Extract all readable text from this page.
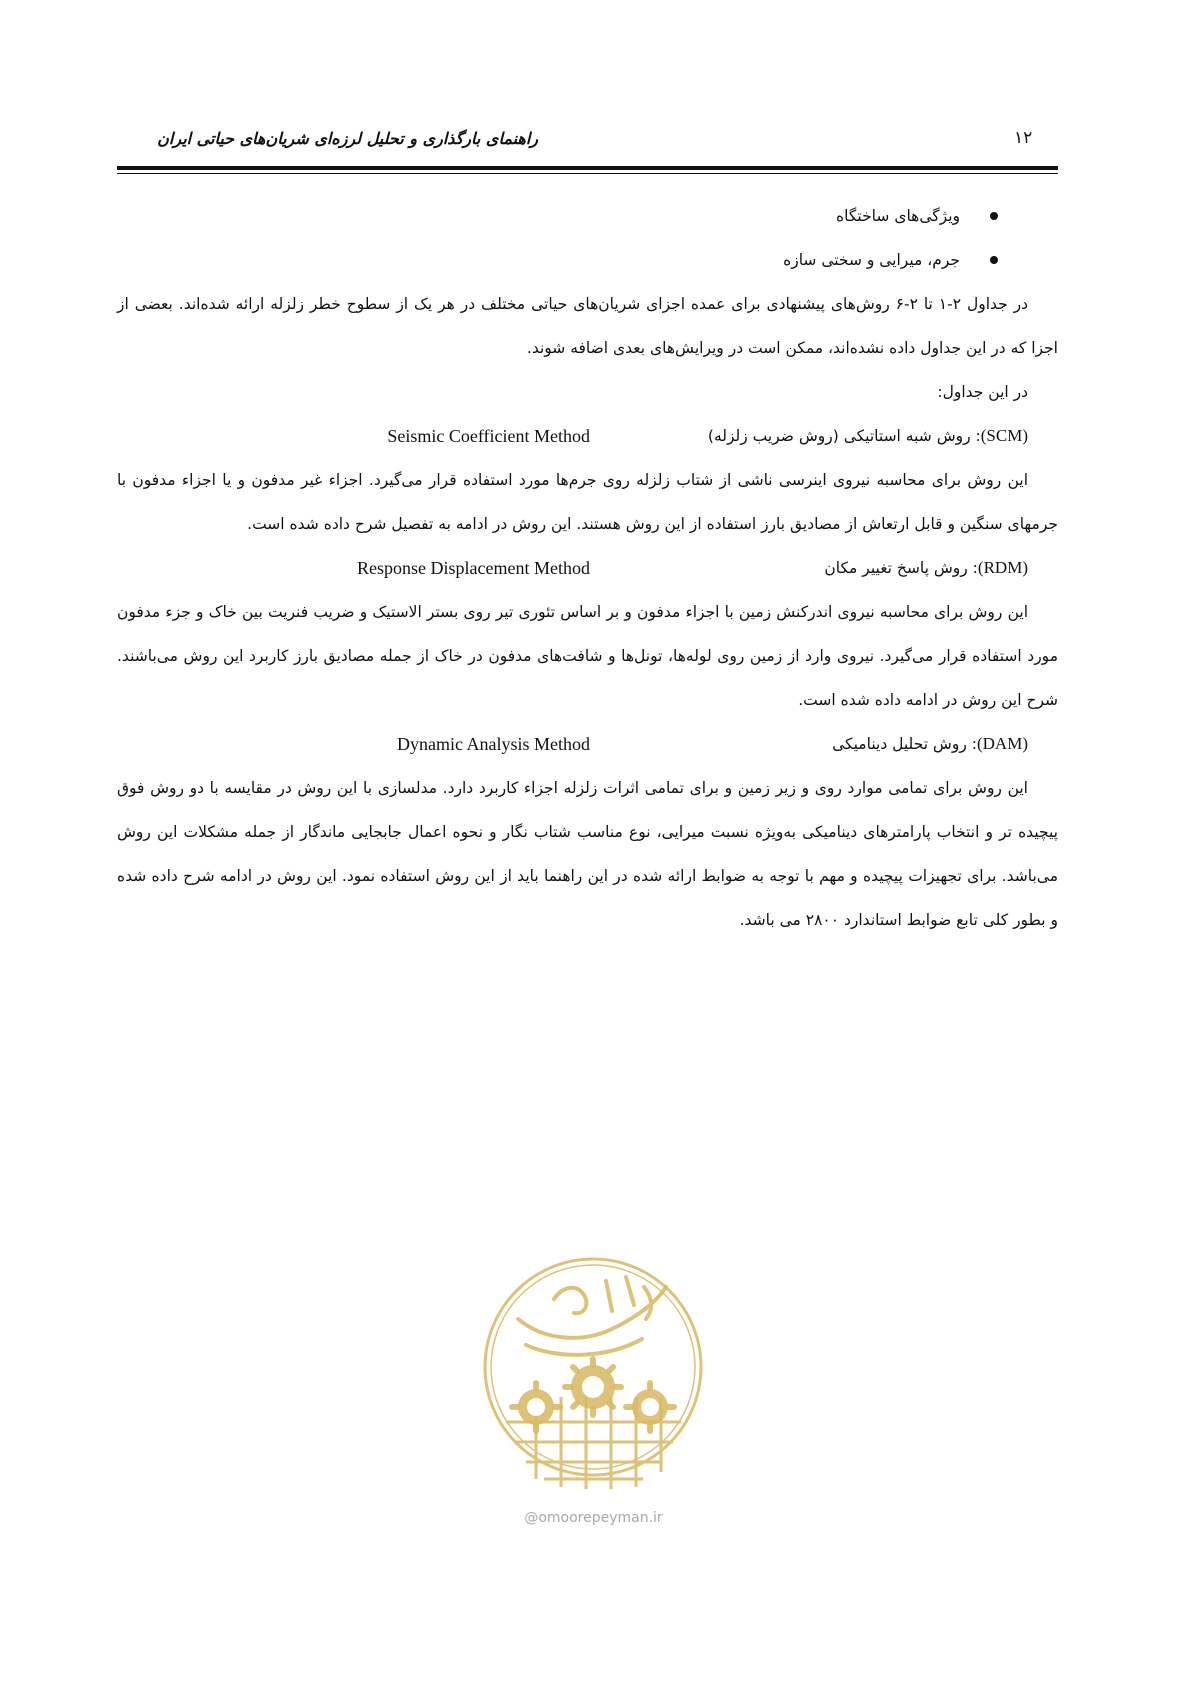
راهنمای بارگذاری و تحلیل لرزه‌ای شریان‌های حیاتی ایران	۱۲
ویژگی‌های ساختگاه
جرم، میرایی و سختی سازه

در جداول ۲-۱ تا ۲-۶ روش‌های پیشنهادی برای عمده اجزای شریان‌های حیاتی مختلف در هر یک از سطوح خطر زلزله ارائه شده‌اند. بعضی از اجزا که در این جداول داده نشده‌اند، ممکن است در ویرایش‌های بعدی اضافه شوند.

در این جداول:

(SCM): روش شبه استاتیکی (روش ضریب زلزله)
Seismic Coefficient Method

این روش برای محاسبه نیروی اینرسی ناشی از شتاب زلزله روی جرم‌ها مورد استفاده قرار می‌گیرد. اجزاء غیر مدفون و یا اجزاء مدفون با جرمهای سنگین و قابل ارتعاش از مصادیق بارز استفاده از این روش هستند. این روش در ادامه به تفصیل شرح داده شده است.

(RDM): روش پاسخ تغییر مکان
Response Displacement Method

این روش برای محاسبه نیروی اندرکنش زمین با اجزاء مدفون و بر اساس تئوری تیر روی بستر الاستیک و ضریب فنریت بین خاک و جزء مدفون مورد استفاده قرار می‌گیرد. نیروی وارد از زمین روی لوله‌ها، تونل‌ها و شافت‌های مدفون در خاک از جمله مصادیق بارز کاربرد این روش می‌باشند. شرح این روش در ادامه داده شده است.

(DAM): روش تحلیل دینامیکی
Dynamic Analysis Method

این روش برای تمامی موارد روی و زیر زمین و برای تمامی اثرات زلزله اجزاء کاربرد دارد. مدلسازی با این روش در مقایسه با دو روش فوق پیچیده تر و انتخاب پارامترهای دینامیکی به‌ویژه نسبت میرایی، نوع مناسب شتاب نگار و نحوه اعمال جابجایی ماندگار از جمله مشکلات این روش می‌باشد. برای تجهیزات پیچیده و مهم با توجه به ضوابط ارائه شده در این راهنما باید از این روش استفاده نمود. این روش در ادامه شرح داده شده و بطور کلی تابع ضوابط استاندارد ۲۸۰۰ می باشد.

@omoorepeyman.ir
